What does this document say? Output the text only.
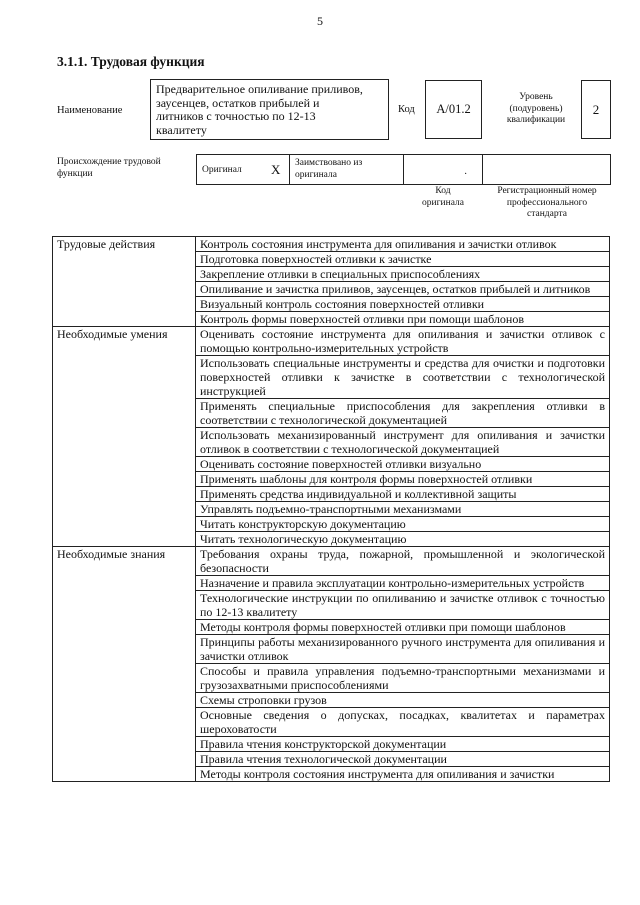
5
3.1.1. Трудовая функция
Наименование
Предварительное опиливание приливов,
заусенцев, остатков прибылей и
литников с точностью по 12-13
квалитету
Код	А/01.2
Уровень
(подуровень)
квалификации
2
Происхождение трудовой
функции	Оригинал X Заимствовано из
оригинала	·
Код
оригинала
Регистрационный номер
профессионального
стандарта
Трудовые действия	Контроль состояния инструмента для опиливания и зачистки отливок
	Подготовка поверхностей отливки к зачистке
	Закрепление отливки в специальных приспособлениях
	Опиливание и зачистка приливов, заусенцев, остатков прибылей и литников
	Визуальный контроль состояния поверхностей отливки
	Контроль формы поверхностей отливки при помощи шаблонов
Необходимые умения	Оценивать состояние инструмента для опиливания и зачистки отливок с помощью контрольно-измерительных устройств
	Использовать специальные инструменты и средства для очистки и подготовки поверхностей отливки к зачистке в соответствии с технологической инструкцией
	Применять специальные приспособления для закрепления отливки в соответствии с технологической документацией
	Использовать механизированный инструмент для опиливания и зачистки отливок в соответствии с технологической документацией
	Оценивать состояние поверхностей отливки визуально
	Применять шаблоны для контроля формы поверхностей отливки
	Применять средства индивидуальной и коллективной защиты
	Управлять подъемно-транспортными механизмами
	Читать конструкторскую документацию
	Читать технологическую документацию
Необходимые знания	Требования охраны труда, пожарной, промышленной и экологической безопасности
	Назначение и правила эксплуатации контрольно-измерительных устройств
	Технологические инструкции по опиливанию и зачистке отливок с точностью по 12-13 квалитету
	Методы контроля формы поверхностей отливки при помощи шаблонов
	Принципы работы механизированного ручного инструмента для опиливания и зачистки отливок
	Способы и правила управления подъемно-транспортными механизмами и грузозахватными приспособлениями
	Схемы строповки грузов
	Основные сведения о допусках, посадках, квалитетах и параметрах шероховатости
	Правила чтения конструкторской документации
	Правила чтения технологической документации

	Методы контроля состояния инструмента для опиливания и зачистки
